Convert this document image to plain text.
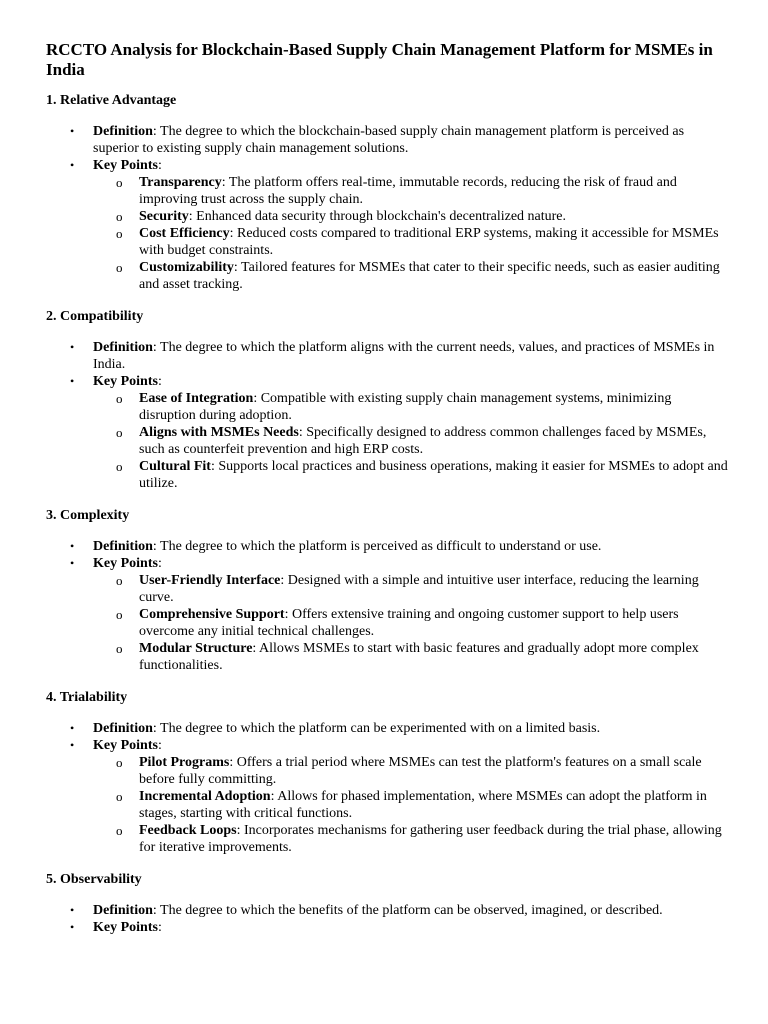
RCCTO Analysis for Blockchain-Based Supply Chain Management Platform for MSMEs in India
1. Relative Advantage
• Definition: The degree to which the blockchain-based supply chain management platform is perceived as superior to existing supply chain management solutions.
• Key Points:
o Transparency: The platform offers real-time, immutable records, reducing the risk of fraud and improving trust across the supply chain.
o Security: Enhanced data security through blockchain's decentralized nature.
o Cost Efficiency: Reduced costs compared to traditional ERP systems, making it accessible for MSMEs with budget constraints.
o Customizability: Tailored features for MSMEs that cater to their specific needs, such as easier auditing and asset tracking.
2. Compatibility
• Definition: The degree to which the platform aligns with the current needs, values, and practices of MSMEs in India.
• Key Points:
o Ease of Integration: Compatible with existing supply chain management systems, minimizing disruption during adoption.
o Aligns with MSMEs Needs: Specifically designed to address common challenges faced by MSMEs, such as counterfeit prevention and high ERP costs.
o Cultural Fit: Supports local practices and business operations, making it easier for MSMEs to adopt and utilize.
3. Complexity
• Definition: The degree to which the platform is perceived as difficult to understand or use.
• Key Points:
o User-Friendly Interface: Designed with a simple and intuitive user interface, reducing the learning curve.
o Comprehensive Support: Offers extensive training and ongoing customer support to help users overcome any initial technical challenges.
o Modular Structure: Allows MSMEs to start with basic features and gradually adopt more complex functionalities.
4. Trialability
• Definition: The degree to which the platform can be experimented with on a limited basis.
• Key Points:
o Pilot Programs: Offers a trial period where MSMEs can test the platform's features on a small scale before fully committing.
o Incremental Adoption: Allows for phased implementation, where MSMEs can adopt the platform in stages, starting with critical functions.
o Feedback Loops: Incorporates mechanisms for gathering user feedback during the trial phase, allowing for iterative improvements.
5. Observability
• Definition: The degree to which the benefits of the platform can be observed, imagined, or described.
• Key Points:
